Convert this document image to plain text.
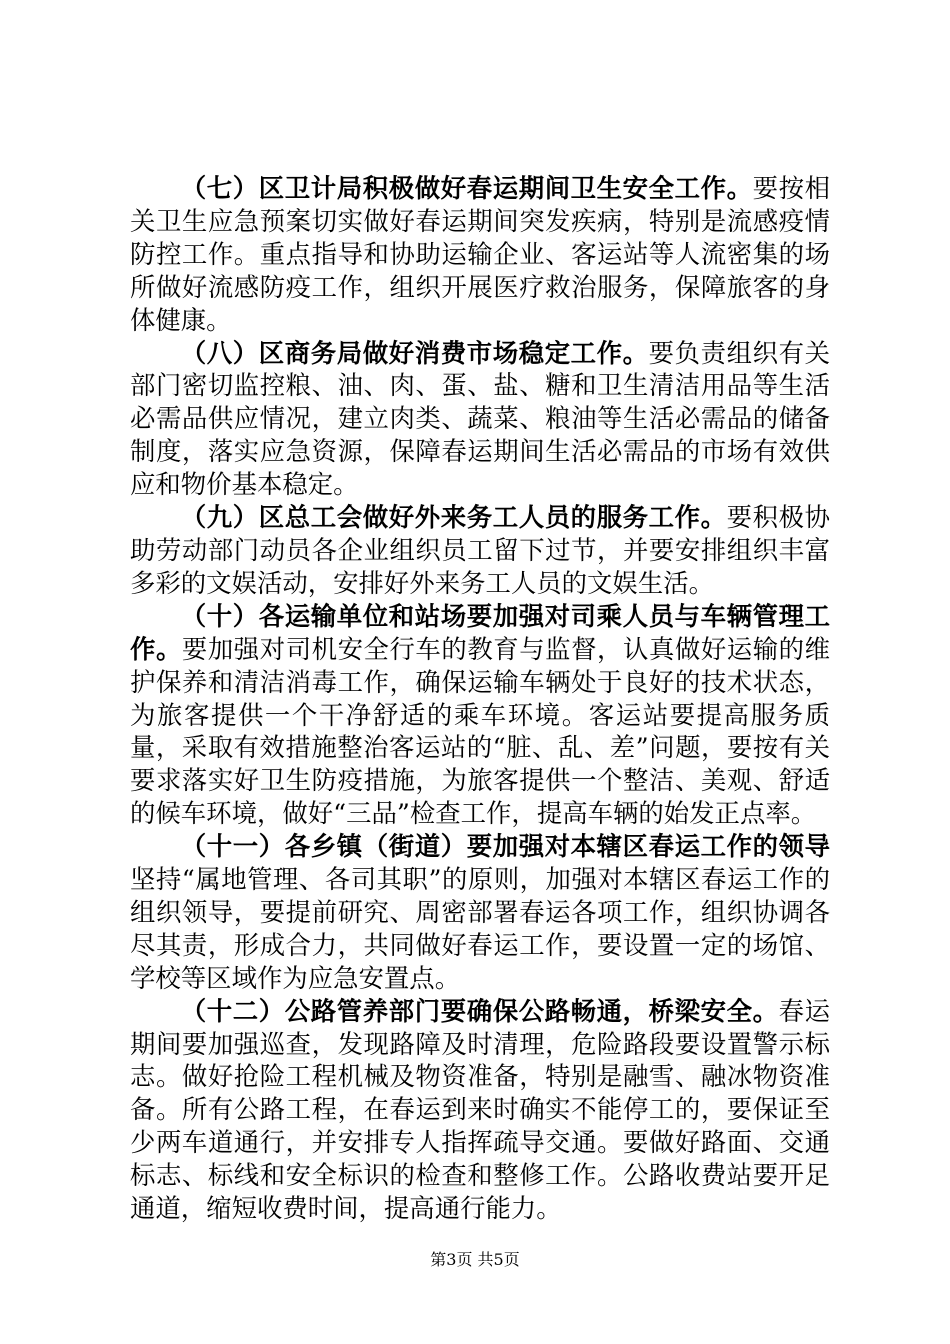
（七）区卫计局积极做好春运期间卫生安全工作。要按相关卫生应急预案切实做好春运期间突发疾病，特别是流感疫情防控工作。重点指导和协助运输企业、客运站等人流密集的场所做好流感防疫工作，组织开展医疗救治服务，保障旅客的身体健康。

（八）区商务局做好消费市场稳定工作。要负责组织有关部门密切监控粮、油、肉、蛋、盐、糖和卫生清洁用品等生活必需品供应情况，建立肉类、蔬菜、粮油等生活必需品的储备制度，落实应急资源，保障春运期间生活必需品的市场有效供应和物价基本稳定。

（九）区总工会做好外来务工人员的服务工作。要积极协助劳动部门动员各企业组织员工留下过节，并要安排组织丰富多彩的文娱活动，安排好外来务工人员的文娱生活。

（十）各运输单位和站场要加强对司乘人员与车辆管理工作。要加强对司机安全行车的教育与监督，认真做好运输的维护保养和清洁消毒工作，确保运输车辆处于良好的技术状态，为旅客提供一个干净舒适的乘车环境。客运站要提高服务质量，采取有效措施整治客运站的“脏、乱、差”问题，要按有关要求落实好卫生防疫措施，为旅客提供一个整洁、美观、舒适的候车环境，做好“三品”检查工作，提高车辆的始发正点率。

（十一）各乡镇（街道）要加强对本辖区春运工作的领导坚持“属地管理、各司其职”的原则，加强对本辖区春运工作的组织领导，要提前研究、周密部署春运各项工作，组织协调各尽其责，形成合力，共同做好春运工作，要设置一定的场馆、学校等区域作为应急安置点。

（十二）公路管养部门要确保公路畅通，桥梁安全。春运期间要加强巡查，发现路障及时清理，危险路段要设置警示标志。做好抢险工程机械及物资准备，特别是融雪、融冰物资准备。所有公路工程，在春运到来时确实不能停工的，要保证至少两车道通行，并安排专人指挥疏导交通。要做好路面、交通标志、标线和安全标识的检查和整修工作。公路收费站要开足通道，缩短收费时间，提高通行能力。

第3页 共5页
